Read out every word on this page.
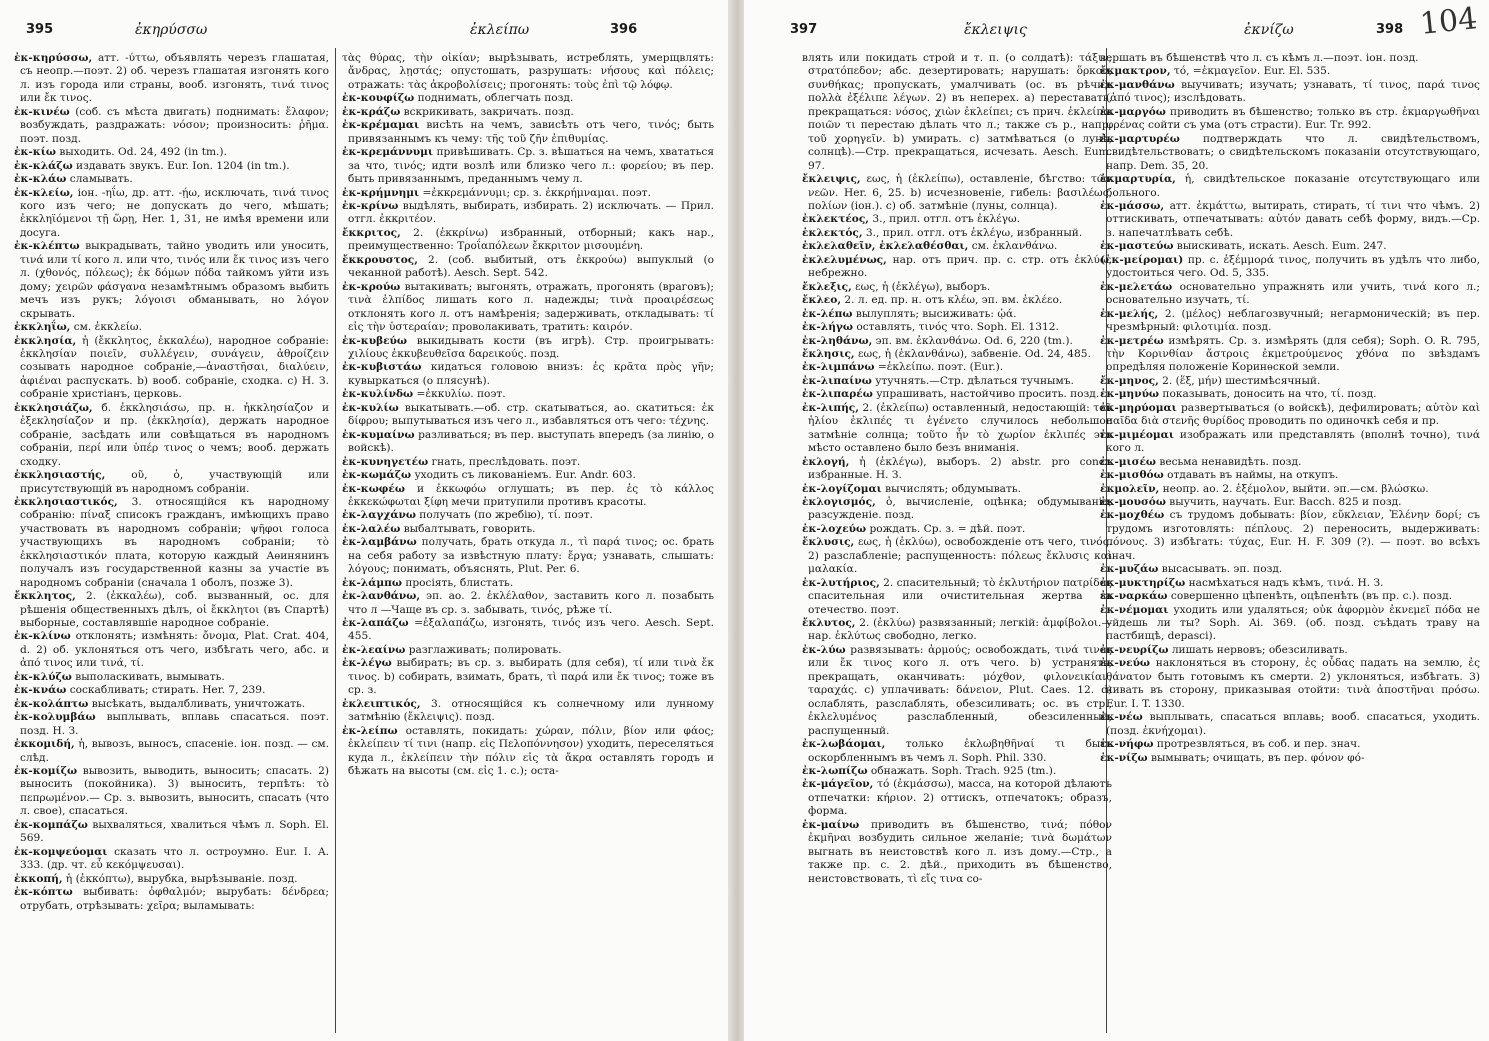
395	ἐκηρύσσω	ἐκλείπω	396

ἐκ-κηρύσσω, атт. -ύττω, объявлять черезъ глашатая, съ неопр.—поэт. 2) об. черезъ глашатая изгонять кого л. изъ города или страны, вооб. изгонять, τινά τινος или ἔκ τινος.

ἐκ-κινέω (соб. съ мѣста двигать) поднимать: ἔλαφον; возбуждать, раздражать: νόσον; произносить: ῥῆμα. поэт. позд.

ἐκ-κίω выходить. Od. 24, 492 (in tm.).

ἐκ-κλάζω издавать звукъ. Eur. Ion. 1204 (in tm.).

ἐκ-κλάω сламывать.

ἐκ-κλείω, іон. -ηΐω, др. атт. -ῄω, исключать, τινά τινος кого изъ чего; не допускать до чего, мѣшать; ἐκκληϊόμενοι τῇ ὥρῃ, Her. 1, 31, не имѣя времени или досуга.

ἐκ-κλέπτω выкрадывать, тайно уводить или уносить, τινά или τί кого л. или что, τινός или ἔκ τινος изъ чего л. (χθονός, πόλεως); ἐκ δόμων πόδα тайкомъ уйти изъ дому; χειρῶν φάσγανα незамѣтнымъ образомъ выбить мечъ изъ рукъ; λόγοισι обманывать, но λόγον скрывать.

ἐκκληΐω, см. ἐκκλείω.

ἐκκλησία, ἡ (ἔκκλητος, ἐκκαλέω), народное собраніе: ἐκκλησίαν ποιεῖν, συλλέγειν, συνάγειν, ἀθροίζειν созывать народное собраніе,—ἀναστῆσαι, διαλύειν, ἀφιέναι распускать. b) вооб. собраніе, сходка. c) Н. З. собраніе христіанъ, церковь.

ἐκκλησιάζω, б. ἐκκλησιάσω, пр. н. ἠκκλησίαζον и ἐξεκλησίαζον и пр. (ἐκκλησία), держать народное собраніе, засѣдать или совѣщаться въ народномъ собраніи, περί или ὑπέρ τινος о чемъ; вооб. держать сходку.

ἐκκλησιαστής, οῦ, ὁ, участвующій или присутствующій въ народномъ собраніи.

ἐκκλησιαστικός, 3. относящійся къ народному собранію: πίναξ списокъ гражданъ, имѣющихъ право участвовать въ народномъ собраніи; ψῆφοι голоса участвующихъ въ народномъ собраніи; τὸ ἐκκλησιαστικόν плата, которую каждый Аѳинянинъ получалъ изъ государственной казны за участіе въ народномъ собраніи (сначала 1 оболъ, позже 3).

ἔκκλητος, 2. (ἐκκαλέω), соб. вызванный, ос. для рѣшенія общественныхъ дѣлъ, οἱ ἔκκλητοι (въ Спартѣ) выборные, составлявшіе народное собраніе.

ἐκ-κλίνω отклонять; измѣнять: ὄνομα, Plat. Crat. 404, d. 2) об. уклоняться отъ чего, избѣгать чего, абс. и ἀπό τινος или τινά, τί.

ἐκ-κλύζω выполаскивать, вымывать.

ἐκ-κνάω соскабливать; стирать. Her. 7, 239.

ἐκ-κολάπτω высѣкать, выдалбливать, уничтожать.

ἐκ-κολυμβάω выплывать, вплавь спасаться. поэт. позд. Н. З.

ἐκκομιδή, ἡ, вывозъ, выносъ, спасеніе. іон. позд. — см. слѣд.

ἐκ-κομίζω вывозить, выводить, выносить; спасать. 2) выносить (покойника). 3) выносить, терпѣть: τὸ πεπρωμένον.— Ср. з. вывозить, выносить, спасать (что л. свое), спасаться.

ἐκ-κομπάζω выхваляться, хвалиться чѣмъ л. Soph. El. 569.

ἐκ-κομψεύομαι сказать что л. остроумно. Eur. I. A. 333. (др. чт. εὖ κεκόμψευσαι).

ἐκκοπή, ἡ (ἐκκόπτω), вырубка, вырѣзываніе. позд.

ἐκ-κόπτω выбивать: ὀφθαλμόν; вырубать: δένδρεα; отрубать, отрѣзывать: χεῖρα; выламывать:

τὰς θύρας, τὴν οἰκίαν; вырѣзывать, истреблять, умерщвлять: ἄνδρας, λῃστάς; опустошать, разрушать: νήσους καὶ πόλεις; отражать: τὰς ἀκροβολίσεις; прогонять: τοὺς ἐπὶ τῷ λόφῳ.

ἐκ-κουφίζω поднимать, облегчать позд.

ἐκ-κράζω вскрикивать, закричать. позд.

ἐκ-κρέμαμαι висѣть на чемъ, зависѣть отъ чего, τινός; быть привязаннымъ къ чему: τῆς τοῦ ζῆν ἐπιθυμίας.

ἐκ-κρεμάννυμι привѣшивать. Ср. з. вѣшаться на чемъ, хвататься за что, τινός; идти возлѣ или близко чего л.: φορείου; въ пер. быть привязаннымъ, преданнымъ чему л.

ἐκ-κρήμνημι =ἐκκρεμάννυμι; ср. з. ἐκκρήμναμαι. поэт.

ἐκ-κρίνω выдѣлять, выбирать, избирать. 2) исключать. — Прил. отгл. ἐκκριτέον.

ἔκκριτος, 2. (ἐκκρίνω) избранный, отборный; какъ нар., преимущественно: Τροΐαπόλεων ἔκκριτον μισουμένη.

ἔκκρουστος, 2. (соб. выбитый, отъ ἐκκρούω) выпуклый (о чеканной работѣ). Aesch. Sept. 542.

ἐκ-κρούω вытакивать; выгонять, отражать, прогонять (враговъ); τινὰ ἐλπίδος лишать кого л. надежды; τινὰ προαιρέσεως отклонять кого л. отъ намѣренія; задерживать, откладывать: τί εἰς τὴν ὑστεραίαν; проволакивать, тратить: καιρόν.

ἐκ-κυβεύω выкидывать кости (въ игрѣ). Стр. проигрывать: χιλίους ἐκκυβευθεῖσα δαρεικούς. позд.

ἐκ-κυβιστάω кидаться головою внизъ: ἐς κρᾶτα πρὸς γῆν; кувыркаться (о плясунѣ).

ἐκ-κυλίνδω =ἐκκυλίω. поэт.

ἐκ-κυλίω выкатывать.—об. стр. скатываться, ао. скатиться: ἐκ δίφρου; выпутываться изъ чего л., избавляться отъ чего: τέχνης.

ἐκ-κυμαίνω разливаться; въ пер. выступать впередъ (за линію, о войскѣ).

ἐκ-κυνηγετέω гнать, преслѣдовать. поэт.

ἐκ-κωμάζω уходить съ ликованіемъ. Eur. Andr. 603.

ἐκ-κωφέω и ἐκκωφόω оглушать; въ пер. ἐς τὸ κάλλος ἐκκεκώφωται ξίφη мечи притупили противъ красоты.

ἐκ-λαγχάνω получать (по жребію), τί. поэт.

ἐκ-λαλέω выбалтывать, говорить.

ἐκ-λαμβάνω получать, брать откуда л., τὶ παρά τινος; ос. брать на себя работу за извѣстную плату: ἔργα; узнавать, слышать: λόγους; понимать, объяснять, Plut. Per. 6.

ἐκ-λάμπω просіять, блистать.

ἐκ-λανθάνω, эп. ао. 2. ἐκλέλαθον, заставить кого л. позабыть что л —Чаще въ ср. з. забывать, τινός, рѣже τί.

ἐκ-λαπάζω =ἐξαλαπάζω, изгонять, τινός изъ чего. Aesch. Sept. 455.

ἐκ-λεαίνω разглаживать; полировать.

ἐκ-λέγω выбирать; въ ср. з. выбирать (для себя), τί или τινὰ ἔκ τινος. b) собирать, взимать, брать, τὶ παρά или ἔκ τινος; тоже въ ср. з.

ἐκλειπτικός, 3. относящійся къ солнечному или лунному затмѣнію (ἔκλειψις). позд.

ἐκ-λείπω оставлять, покидать: χώραν, πόλιν, βίον или φάος; ἐκλείπειν τί τινι (напр. εἰς Πελοπόννησον) уходить, переселяться куда л., ἐκλείπειν τὴν πόλιν εἰς τὰ ἄκρα оставлять городъ и бѣжать на высоты (см. εἰς 1. c.); оста-

397	ἔκλειψις	ἐκνίζω	398 104

влять или покидать строй и т. п. (о солдатѣ): τάξιν, στρατόπεδον; абс. дезертировать; нарушать: ὅρκον, συνθήκας; пропускать, умалчивать (ос. въ рѣчи): πολλὰ ἐξέλιπε λέγων. 2) въ неперех. a) переставать, прекращаться: νόσος, χιὼν ἐκλείπει; съ прич. ἐκλείπω ποιῶν τι перестаю дѣлать что л.; также съ р., напр. τοῦ χορηγεῖν. b) умирать. c) затмѣваться (о лунѣ, солнцѣ).—Стр. прекращаться, исчезать. Aesch. Eum. 97.

ἔκλειψις, εως, ἡ (ἐκλείπω), оставленіе, бѣгство: τῶν νεῶν. Her. 6, 25. b) исчезновеніе, гибель: βασιλέως, πολίων (іон.). c) об. затмѣніе (луны, солнца).

ἐκλεκτέος, 3., прил. отгл. отъ ἐκλέγω.

ἐκλεκτός, 3., прил. отгл. отъ ἐκλέγω, избранный.

ἐκλελαθεῖν, ἐκλελαθέσθαι, см. ἐκλανθάνω.

ἐκλελυμένως, нар. отъ прич. пр. с. стр. отъ ἐκλύω, небрежно.

ἔκλεξις, εως, ἡ (ἐκλέγω), выборъ.

ἔκλεο, 2. л. ед. пр. н. отъ κλέω, эп. вм. ἐκλέεο.

ἐκ-λέπω вылуплять; высиживать: ᾠά.

ἐκ-λήγω оставлять, τινός что. Soph. El. 1312.

ἐκ-ληθάνω, эп. вм. ἐκλανθάνω. Od. 6, 220 (tm.).

ἔκλησις, εως, ἡ (ἐκλανθάνω), забвеніе. Od. 24, 485.

ἐκ-λιμπάνω =ἐκλείπω. поэт. (Eur.).

ἐκ-λιπαίνω утучнять.—Стр. дѣлаться тучнымъ.

ἐκ-λιπαρέω упрашивать, настойчиво просить. позд.

ἐκ-λιπής, 2. (ἐκλείπω) оставленный, недостающій: τοῦ ἡλίου ἐκλιπές τι ἐγένετο случилось небольшое затмѣніе солнца; τοῦτο ἦν τὸ χωρίον ἐκλιπές это мѣсто оставлено было безъ вниманія.

ἐκλογή, ἡ (ἐκλέγω), выборъ. 2) abstr. pro concr. избранные. Н. З.

ἐκ-λογίζομαι вычислять; обдумывать.

ἐκλογισμός, ὁ, вычисленіе, оцѣнка; обдумываніе; разсужденіе. позд.

ἐκ-λοχεύω рождать. Ср. з. = дѣй. поэт.

ἔκλυσις, εως, ἡ (ἐκλύω), освобожденіе отъ чего, τινός. 2) разслабленіе; распущенность: πόλεως ἔκλυσις καὶ μαλακία.

ἐκ-λυτήριος, 2. спасительный; τὸ ἐκλυτήριον πατρίδος спасительная или очистительная жертва за отечество. поэт.

ἔκλυτος, 2. (ἐκλύω) развязанный; легкій: ἀμφίβολοι.—нар. ἐκλύτως свободно, легко.

ἐκ-λύω развязывать: ἁρμούς; освобождать, τινά τινος или ἔκ τινος кого л. отъ чего. b) устранять, прекращать, оканчивать: μόχθον, φιλονεικίαν, ταραχάς. c) уплачивать: δάνειον, Plut. Caes. 12. d) ослаблять, разслаблять, обезсиливать; ос. въ стр., ἐκλελυμένος разслабленный, обезсиленный, распущенный.

ἐκ-λωβάομαι, только ἐκλωβηθῆναί τι быть оскорбленнымъ въ чемъ л. Soph. Phil. 330.

ἐκ-λωπίζω обнажать. Soph. Trach. 925 (tm.).

ἐκ-μάγεῖον, τό (ἐκμάσσω), масса, на которой дѣлаютъ отпечатки: κήριον. 2) оттискъ, отпечатокъ; образъ, форма.

ἐκ-μαίνω приводить въ бѣшенство, τινά; πόθον ἐκμῆναι возбудить сильное желаніе; τινὰ δωμάτων выгнать въ неистовствѣ кого л. изъ дому.—Стр., а также пр. с. 2. дѣй., приходить въ бѣшенство, неистовствовать, τὶ εἴς τινα со-

вершать въ бѣшенствѣ что л. съ кѣмъ л.—поэт. іон. позд.

ἔκμακτρον, τό, =ἐκμαγεῖον. Eur. El. 535.

ἐκ-μανθάνω выучивать; изучать; узнавать, τί τινος, παρά τινος (ἀπό τινος); изслѣдовать.

ἐκ-μαργόω приводить въ бѣшенство; только въ стр. ἐκμαργωθῆναι φρένας сойти съ ума (отъ страсти). Eur. Tr. 992.

ἐκ-μαρτυρέω подтверждать что л. свидѣтельствомъ, свидѣтельствовать; о свидѣтельскомъ показаніи отсутствующаго, напр. Dem. 35, 20.

ἐκμαρτυρία, ἡ, свидѣтельское показаніе отсутствующаго или больного.

ἐκ-μάσσω, атт. ἐκμάττω, вытирать, стирать, τί τινι что чѣмъ. 2) оттискивать, отпечатывать: αὑτόν давать себѣ форму, видъ.—Ср. з. напечатлѣвать себѣ.

ἐκ-μαστεύω выискивать, искать. Aesch. Eum. 247.

(ἐκ-μείρομαι) пр. с. ἐξέμμορά τινος, получить въ удѣлъ что либо, удостоиться чего. Od. 5, 335.

ἐκ-μελετάω основательно упражнять или учить, τινά кого л.; основательно изучать, τί.

ἐκ-μελής, 2. (μέλος) неблагозвучный; негармоническій; въ пер. чрезмѣрный: φιλοτιμία. позд.

ἐκ-μετρέω измѣрять. Ср. з. измѣрять (для себя); Soph. O. R. 795, τὴν Κορινθίαν ἄστροις ἐκμετρούμενος χθόνα по звѣздамъ опредѣляя положеніе Коринѳской земли.

ἔκ-μηνος, 2. (ἕξ, μήν) шестимѣсячный.

ἐκ-μηνύω показывать, доносить на что, τί. позд.

ἐκ-μηρύομαι развертываться (о войскѣ), дефилировать; αὑτὸν καὶ παῖδα διὰ στενῆς θυρίδος проводить по одиночкѣ себя и пр.

ἐκ-μιμέομαι изображать или представлять (вполнѣ точно), τινά кого л.

ἐκ-μισέω весьма ненавидѣть. позд.

ἐκ-μισθόω отдавать въ наймы, на откупъ.

ἐκμολεῖν, неопр. ао. 2. ἐξέμολον, выйти. эп.—см. βλώσκω.

ἐκ-μουσόω выучить, научать. Eur. Bacch. 825 и позд.

ἐκ-μοχθέω съ трудомъ добывать: βίον, εὔκλειαν, Ἑλένην δορί; съ трудомъ изготовлять: πέπλους. 2) переносить, выдерживать: πόνους. 3) избѣгать: τύχας, Eur. H. F. 309 (?). — поэт. во всѣхъ знач.

ἐκ-μυζάω высасывать. эп. позд.

ἐκ-μυκτηρίζω насмѣхаться надъ кѣмъ, τινά. Н. З.

ἐκ-ναρκάω совершенно цѣпенѣть, оцѣпенѣть (въ пр. с.). позд.

ἐκ-νέμομαι уходить или удаляться; οὐκ ἀφορμὸν ἐκνεμεῖ πόδα не уйдешь ли ты? Soph. Ai. 369. (об. позд. съѣдать траву на пастбищѣ, depasci).

ἐκ-νευρίζω лишать нервовъ; обезсиливать.

ἐκ-νεύω наклоняться въ сторону, ἐς οὖδας падать на землю, ἐς θάνατον быть готовымъ къ смерти. 2) уклоняться, избѣгать. 3) кивать въ сторону, приказывая отойти: τινὰ ἀποστῆναι πρόσω. Eur. I. T. 1330.

ἐκ-νέω выплывать, спасаться вплавь; вооб. спасаться, уходить. (позд. ἐκνήχομαι).

ἐκ-νήφω протрезвляться, въ соб. и пер. знач.

ἐκ-νίζω вымывать; очищать, въ пер. φόνον φό-
